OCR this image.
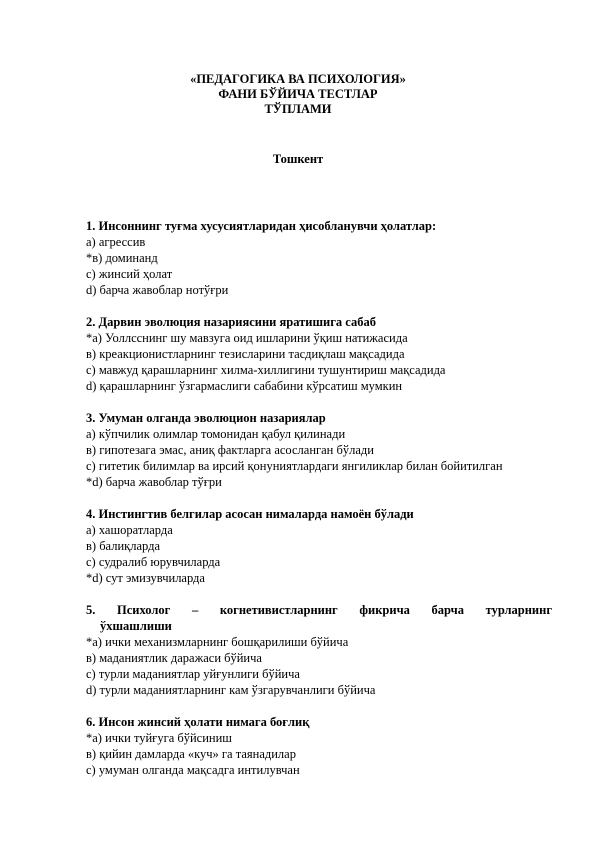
«ПЕДАГОГИКА ВА ПСИХОЛОГИЯ»
ФАНИ БЎЙИЧА ТЕСТЛАР
ТЎПЛАМИ
Тошкент
1. Инсоннинг туғма хусусиятларидан ҳисобланувчи ҳолатлар:
а) агрессив
*в) доминанд
с) жинсий ҳолат
d) барча жавоблар нотўғри
2. Дарвин эволюция назариясини яратишига сабаб
*а) Уоллсснинг шу мавзуга оид ишларини ўқиш натижасида
в) креакционистларнинг тезисларини тасдиқлаш мақсадида
с) мавжуд қарашларнинг хилма-хиллигини тушунтириш мақсадида
d) қарашларнинг ўзгармаслиги сабабини кўрсатиш мумкин
3. Умуман олганда эволюцион назариялар
а) кўпчилик олимлар томонидан қабул қилинади
в) гипотезага эмас, аниқ фактларга асосланган бўлади
с) гитетик билимлар ва ирсий қонуниятлардаги янгиликлар билан бойитилган
*d) барча жавоблар тўғри
4. Инстингтив белгилар асосан нималарда намоён бўлади
а) хашоратларда
в) балиқларда
с) судралиб юрувчиларда
*d) сут эмизувчиларда
5. Психолог – когнетивистларнинг фикрича барча турларнинг
ўхшашлиши
*а) ички механизмларнинг бошқарилиши бўйича
в) маданиятлик даражаси бўйича
с) турли маданиятлар уйғунлиги бўйича
d) турли маданиятларнинг кам ўзгарувчанлиги бўйича
6. Инсон жинсий ҳолати нимага боғлиқ
*а) ички туйғуга бўйсиниш
в) қийин дамларда «куч» га таянадилар
с) умуман олганда мақсадга интилувчан
